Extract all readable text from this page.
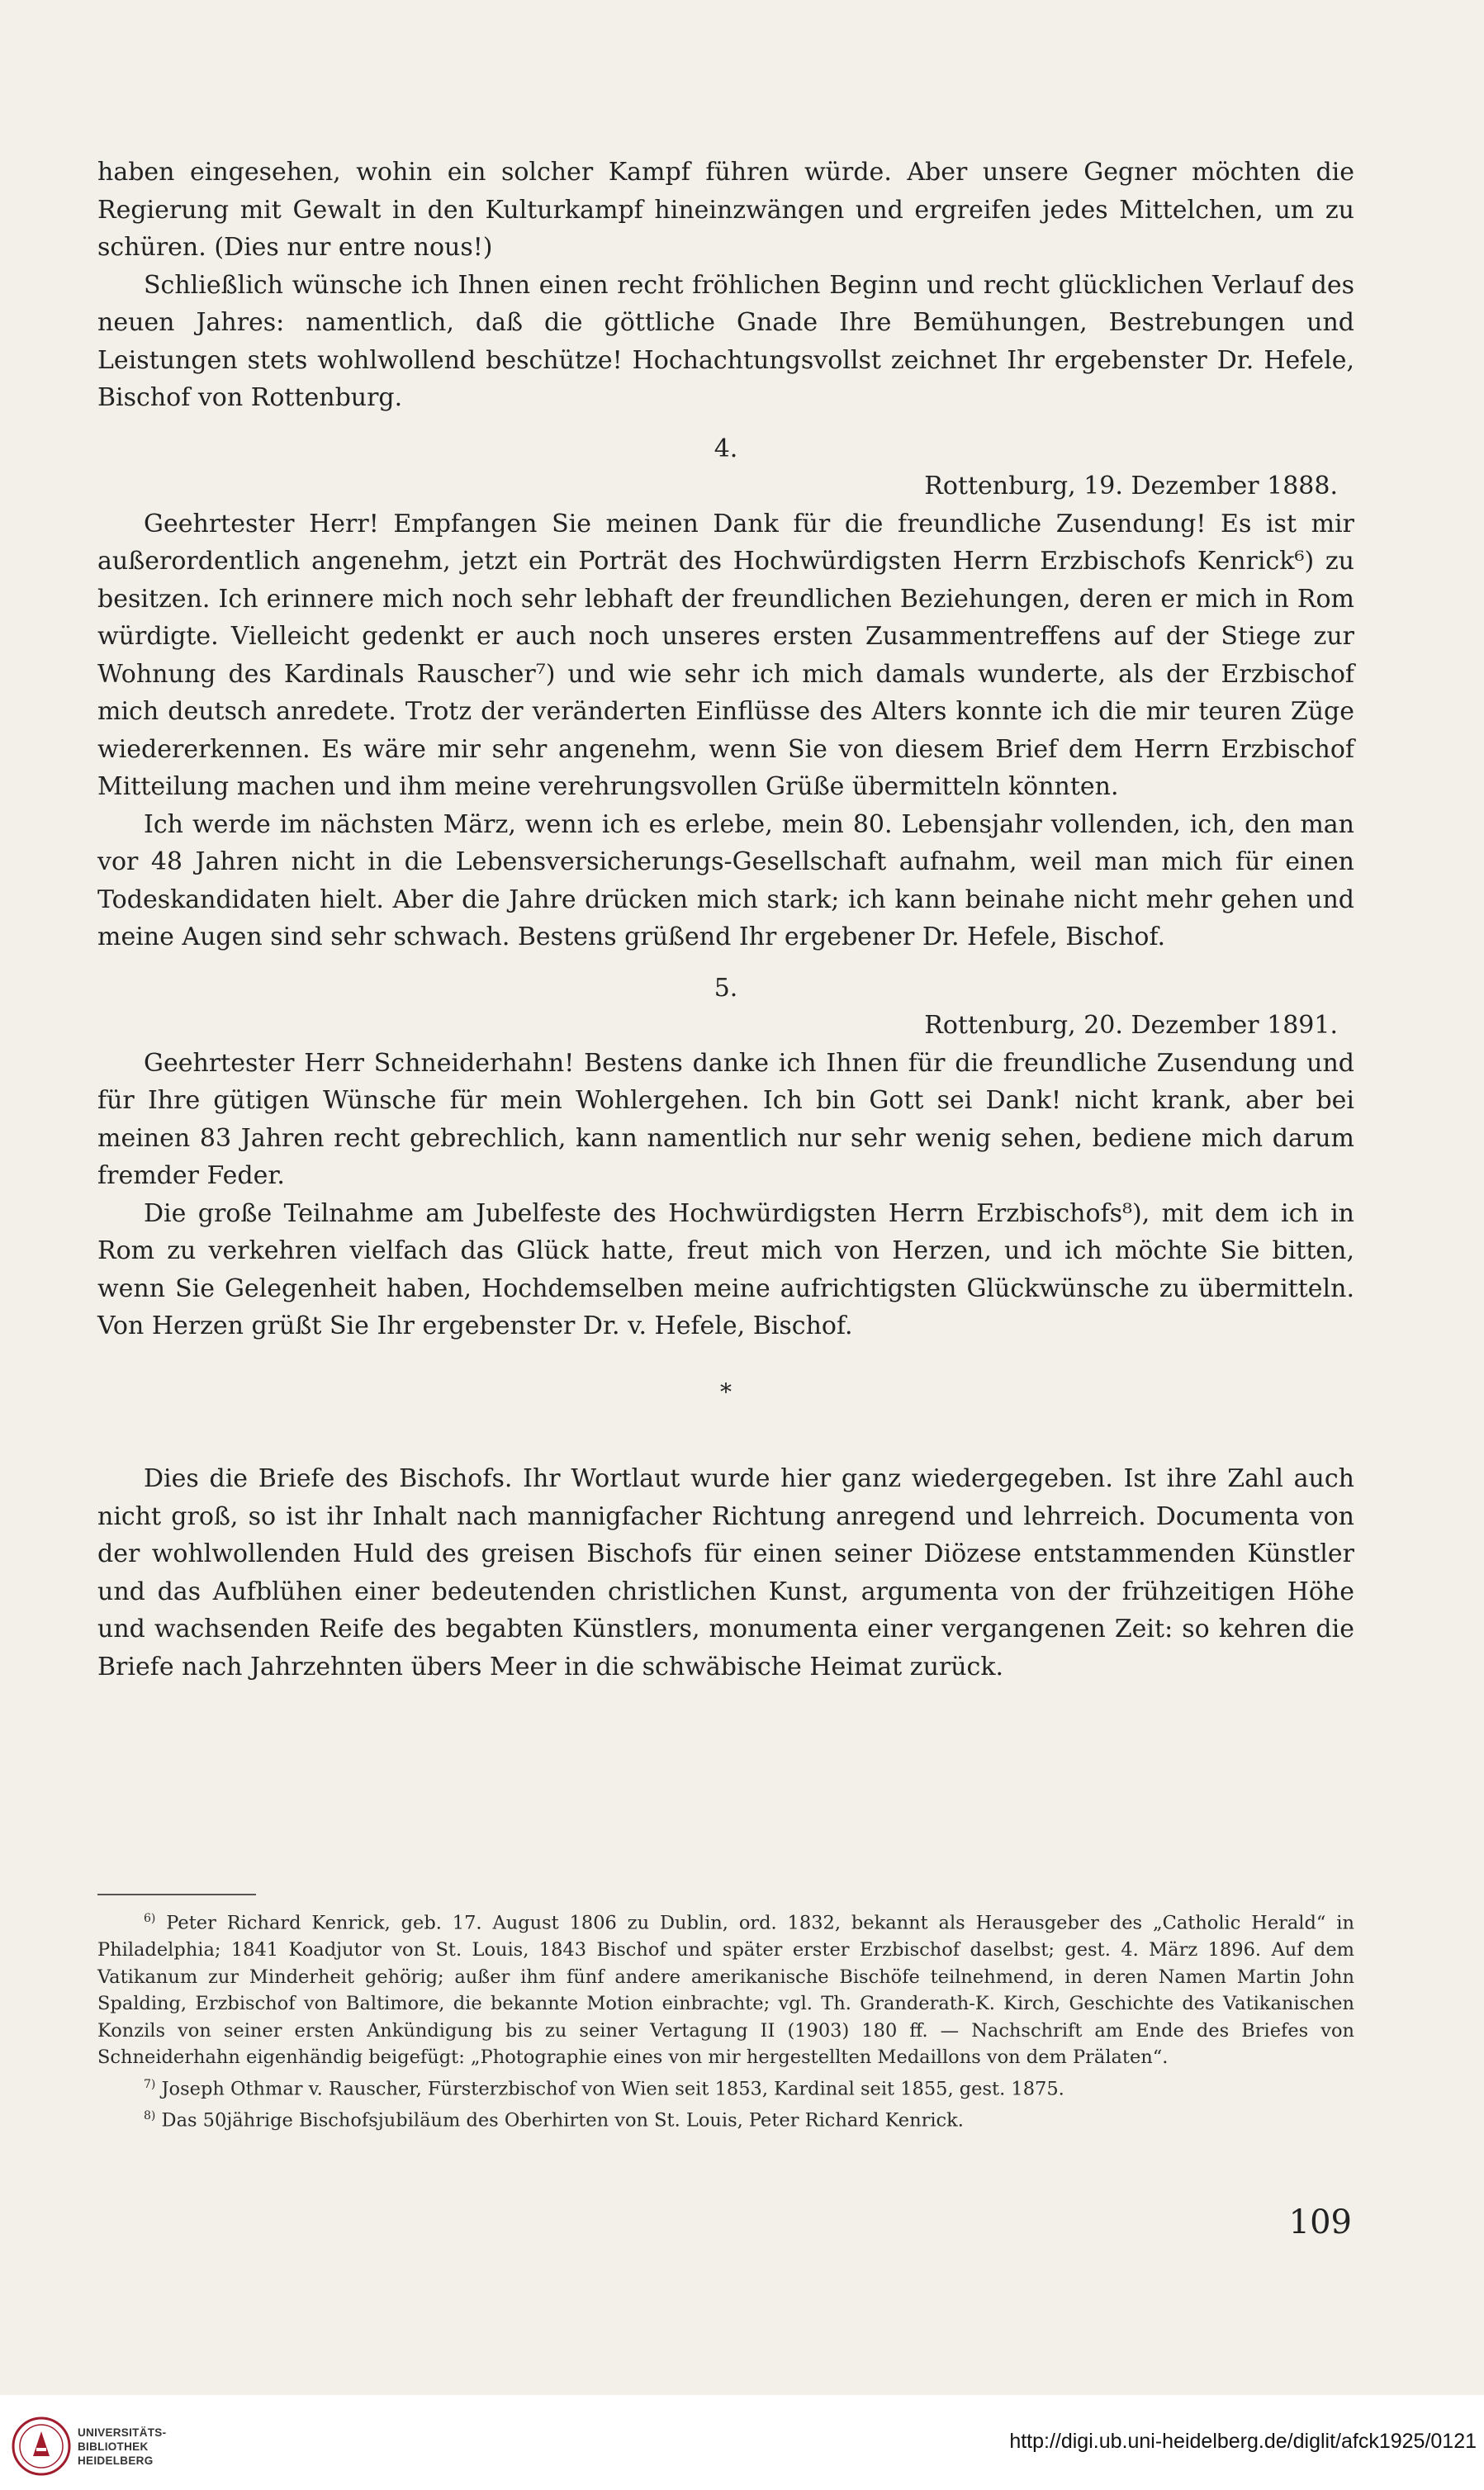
haben eingesehen, wohin ein solcher Kampf führen würde. Aber unsere Gegner möchten die Regierung mit Gewalt in den Kulturkampf hineinzwängen und ergreifen jedes Mittelchen, um zu schüren. (Dies nur entre nous!)

Schließlich wünsche ich Ihnen einen recht fröhlichen Beginn und recht glücklichen Verlauf des neuen Jahres: namentlich, daß die göttliche Gnade Ihre Bemühungen, Bestrebungen und Leistungen stets wohlwollend beschütze! Hochachtungsvollst zeichnet Ihr ergebenster Dr. Hefele, Bischof von Rottenburg.

4.

Rottenburg, 19. Dezember 1888.

Geehrtester Herr! Empfangen Sie meinen Dank für die freundliche Zusendung! Es ist mir außerordentlich angenehm, jetzt ein Porträt des Hochwürdigsten Herrn Erzbischofs Kenrick⁶) zu besitzen. Ich erinnere mich noch sehr lebhaft der freundlichen Beziehungen, deren er mich in Rom würdigte. Vielleicht gedenkt er auch noch unseres ersten Zusammentreffens auf der Stiege zur Wohnung des Kardinals Rauscher⁷) und wie sehr ich mich damals wunderte, als der Erzbischof mich deutsch anredete. Trotz der veränderten Einflüsse des Alters konnte ich die mir teuren Züge wiedererkennen. Es wäre mir sehr angenehm, wenn Sie von diesem Brief dem Herrn Erzbischof Mitteilung machen und ihm meine verehrungsvollen Grüße übermitteln könnten.

Ich werde im nächsten März, wenn ich es erlebe, mein 80. Lebensjahr vollenden, ich, den man vor 48 Jahren nicht in die Lebensversicherungs-Gesellschaft aufnahm, weil man mich für einen Todeskandidaten hielt. Aber die Jahre drücken mich stark; ich kann beinahe nicht mehr gehen und meine Augen sind sehr schwach. Bestens grüßend Ihr ergebener Dr. Hefele, Bischof.

5.

Rottenburg, 20. Dezember 1891.

Geehrtester Herr Schneiderhahn! Bestens danke ich Ihnen für die freundliche Zusendung und für Ihre gütigen Wünsche für mein Wohlergehen. Ich bin Gott sei Dank! nicht krank, aber bei meinen 83 Jahren recht gebrechlich, kann namentlich nur sehr wenig sehen, bediene mich darum fremder Feder.

Die große Teilnahme am Jubelfeste des Hochwürdigsten Herrn Erzbischofs⁸), mit dem ich in Rom zu verkehren vielfach das Glück hatte, freut mich von Herzen, und ich möchte Sie bitten, wenn Sie Gelegenheit haben, Hochdemselben meine aufrichtigsten Glückwünsche zu übermitteln. Von Herzen grüßt Sie Ihr ergebenster Dr. v. Hefele, Bischof.

*

Dies die Briefe des Bischofs. Ihr Wortlaut wurde hier ganz wiedergegeben. Ist ihre Zahl auch nicht groß, so ist ihr Inhalt nach mannigfacher Richtung anregend und lehrreich. Documenta von der wohlwollenden Huld des greisen Bischofs für einen seiner Diözese entstammenden Künstler und das Aufblühen einer bedeutenden christlichen Kunst, argumenta von der frühzeitigen Höhe und wachsenden Reife des begabten Künstlers, monumenta einer vergangenen Zeit: so kehren die Briefe nach Jahrzehnten übers Meer in die schwäbische Heimat zurück.

$^{6)}$ Peter Richard Kenrick, geb. 17. August 1806 zu Dublin, ord. 1832, bekannt als Herausgeber des „Catholic Herald“ in Philadelphia; 1841 Koadjutor von St. Louis, 1843 Bischof und später erster Erzbischof daselbst; gest. 4. März 1896. Auf dem Vatikanum zur Minderheit gehörig; außer ihm fünf andere amerikanische Bischöfe teilnehmend, in deren Namen Martin John Spalding, Erzbischof von Baltimore, die bekannte Motion einbrachte; vgl. Th. Granderath-K. Kirch, Geschichte des Vatikanischen Konzils von seiner ersten Ankündigung bis zu seiner Vertagung II (1903) 180 ff. — Nachschrift am Ende des Briefes von Schneiderhahn eigenhändig beigefügt: „Photographie eines von mir hergestellten Medaillons von dem Prälaten“.

$^{7)}$ Joseph Othmar v. Rauscher, Fürsterzbischof von Wien seit 1853, Kardinal seit 1855, gest. 1875.

$^{8)}$ Das 50jährige Bischofsjubiläum des Oberhirten von St. Louis, Peter Richard Kenrick.

109
UNIVERSITÄTS-
BIBLIOTHEK
HEIDELBERG
http://digi.ub.uni-heidelberg.de/diglit/afck1925/0121
